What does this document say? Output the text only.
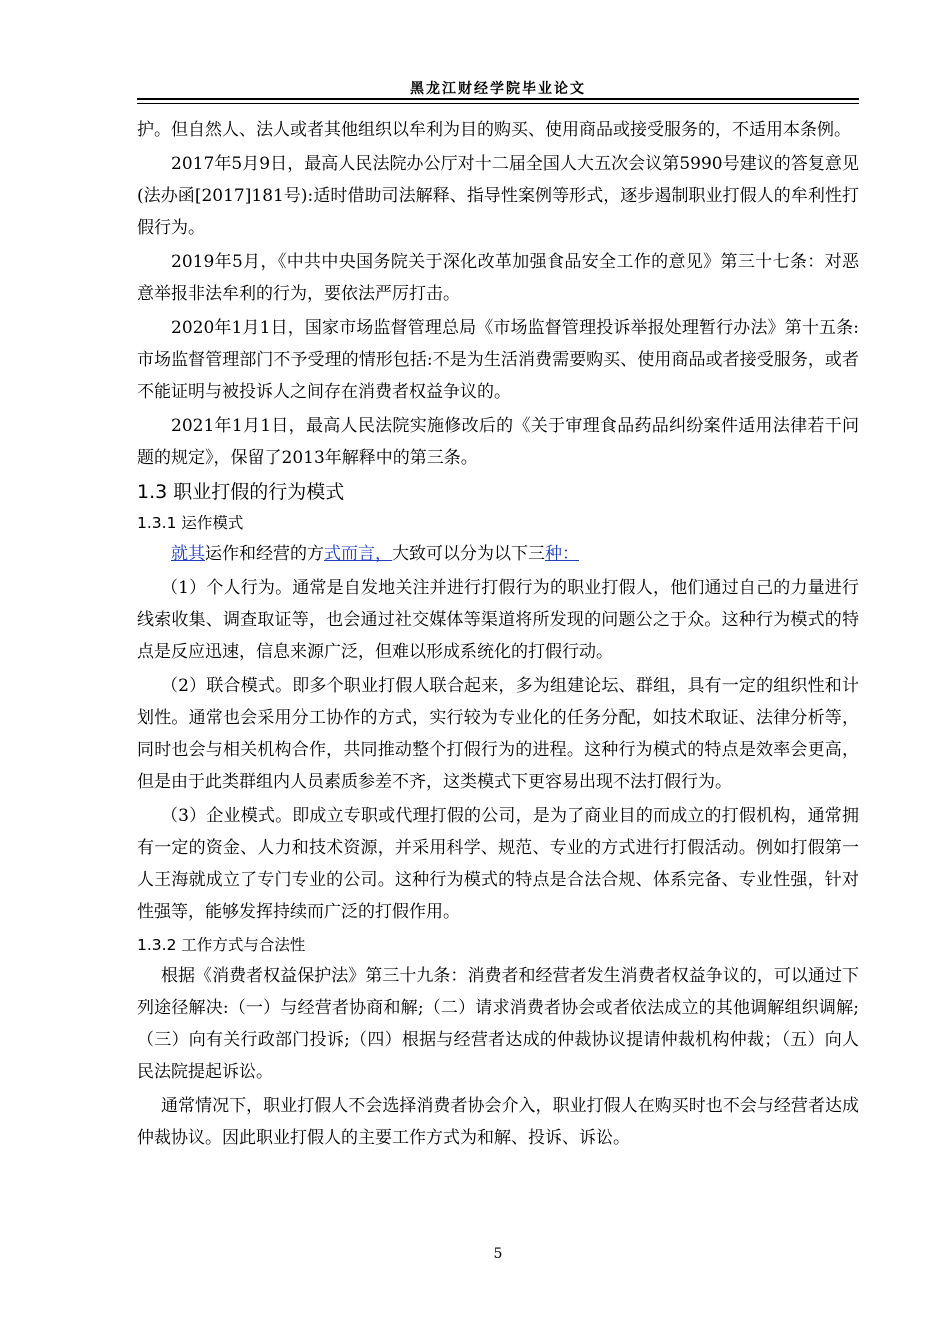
黑龙江财经学院毕业论文

护。但自然人、法人或者其他组织以牟利为目的购买、使用商品或接受服务的，不适用本条例。

2017年5月9日，最高人民法院办公厅对十二届全国人大五次会议第5990号建议的答复意见(法办函[2017]181号):适时借助司法解释、指导性案例等形式，逐步遏制职业打假人的牟利性打假行为。

2019年5月，《中共中央国务院关于深化改革加强食品安全工作的意见》第三十七条：对恶意举报非法牟利的行为，要依法严厉打击。

2020年1月1日，国家市场监督管理总局《市场监督管理投诉举报处理暂行办法》第十五条:市场监督管理部门不予受理的情形包括:不是为生活消费需要购买、使用商品或者接受服务，或者不能证明与被投诉人之间存在消费者权益争议的。

2021年1月1日，最高人民法院实施修改后的《关于审理食品药品纠纷案件适用法律若干问题的规定》，保留了2013年解释中的第三条。

1.3 职业打假的行为模式
1.3.1 运作模式

就其运作和经营的方式而言，大致可以分为以下三种：

（1）个人行为。通常是自发地关注并进行打假行为的职业打假人，他们通过自己的力量进行线索收集、调查取证等，也会通过社交媒体等渠道将所发现的问题公之于众。这种行为模式的特点是反应迅速，信息来源广泛，但难以形成系统化的打假行动。

（2）联合模式。即多个职业打假人联合起来，多为组建论坛、群组，具有一定的组织性和计划性。通常也会采用分工协作的方式，实行较为专业化的任务分配，如技术取证、法律分析等，同时也会与相关机构合作，共同推动整个打假行为的进程。这种行为模式的特点是效率会更高，但是由于此类群组内人员素质参差不齐，这类模式下更容易出现不法打假行为。

（3）企业模式。即成立专职或代理打假的公司，是为了商业目的而成立的打假机构，通常拥有一定的资金、人力和技术资源，并采用科学、规范、专业的方式进行打假活动。例如打假第一人王海就成立了专门专业的公司。这种行为模式的特点是合法合规、体系完备、专业性强，针对性强等，能够发挥持续而广泛的打假作用。

1.3.2 工作方式与合法性

根据《消费者权益保护法》第三十九条：消费者和经营者发生消费者权益争议的，可以通过下列途径解决:（一）与经营者协商和解;（二）请求消费者协会或者依法成立的其他调解组织调解;（三）向有关行政部门投诉;（四）根据与经营者达成的仲裁协议提请仲裁机构仲裁；（五）向人民法院提起诉讼。

通常情况下，职业打假人不会选择消费者协会介入，职业打假人在购买时也不会与经营者达成仲裁协议。因此职业打假人的主要工作方式为和解、投诉、诉讼。

5
